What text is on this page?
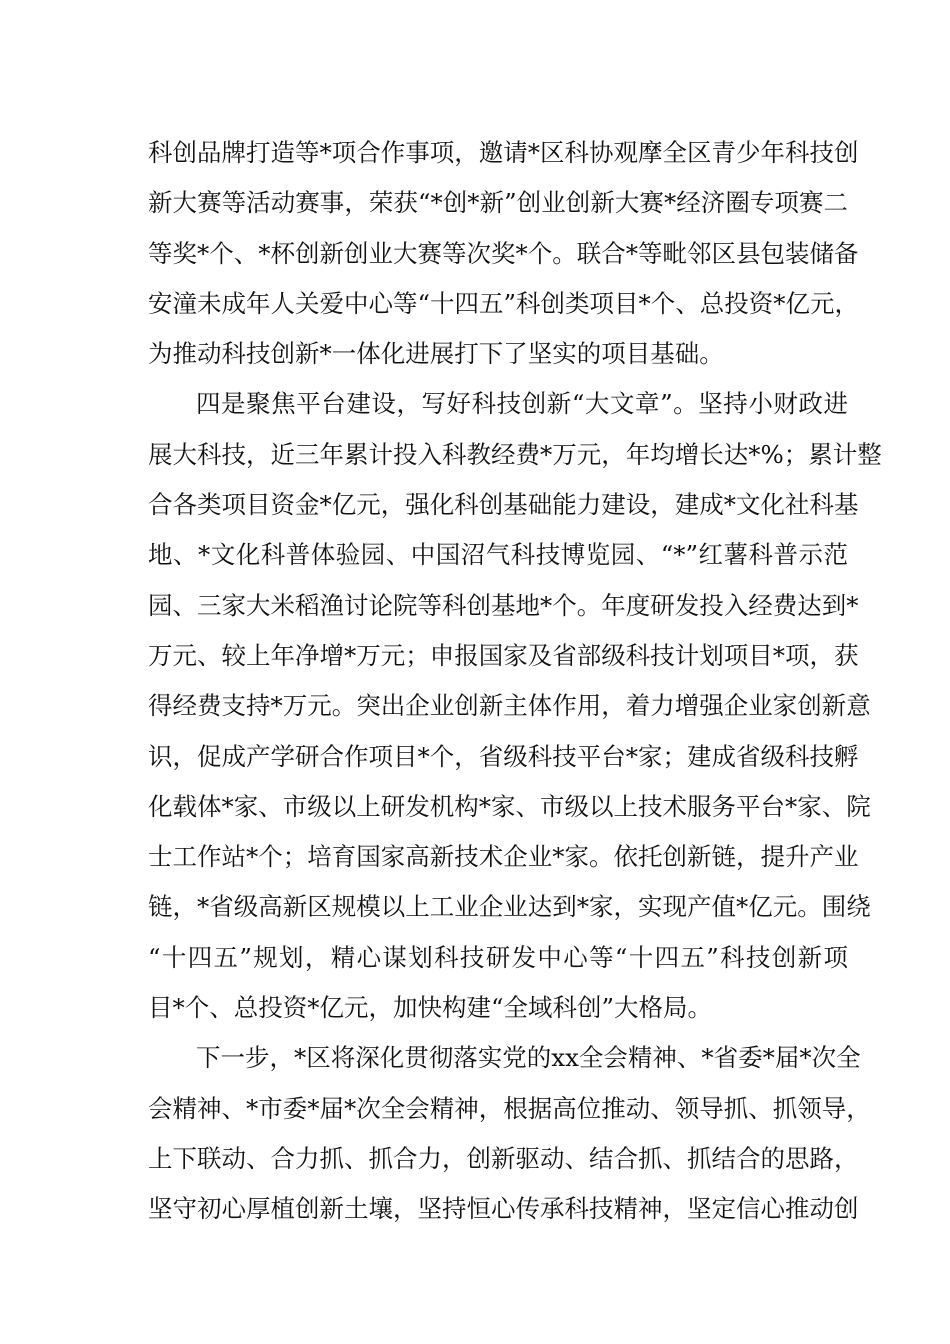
科创品牌打造等*项合作事项，邀请*区科协观摩全区青少年科技创
新大赛等活动赛事，荣获“*创*新”创业创新大赛*经济圈专项赛二
等奖*个、*杯创新创业大赛等次奖*个。联合*等毗邻区县包装储备
安潼未成年人关爱中心等“十四五”科创类项目*个、总投资*亿元，
为推动科技创新*一体化进展打下了坚实的项目基础。
四是聚焦平台建设，写好科技创新“大文章”。坚持小财政进
展大科技，近三年累计投入科教经费*万元，年均增长达*%；累计整
合各类项目资金*亿元，强化科创基础能力建设，建成*文化社科基
地、*文化科普体验园、中国沼气科技博览园、“*”红薯科普示范
园、三家大米稻渔讨论院等科创基地*个。年度研发投入经费达到*
万元、较上年净增*万元；申报国家及省部级科技计划项目*项，获
得经费支持*万元。突出企业创新主体作用，着力增强企业家创新意
识，促成产学研合作项目*个，省级科技平台*家；建成省级科技孵
化载体*家、市级以上研发机构*家、市级以上技术服务平台*家、院
士工作站*个；培育国家高新技术企业*家。依托创新链，提升产业
链，*省级高新区规模以上工业企业达到*家，实现产值*亿元。围绕
“十四五”规划，精心谋划科技研发中心等“十四五”科技创新项
目*个、总投资*亿元，加快构建“全域科创”大格局。
下一步，*区将深化贯彻落实党的xx全会精神、*省委*届*次全
会精神、*市委*届*次全会精神，根据高位推动、领导抓、抓领导，
上下联动、合力抓、抓合力，创新驱动、结合抓、抓结合的思路，
坚守初心厚植创新土壤，坚持恒心传承科技精神，坚定信心推动创
